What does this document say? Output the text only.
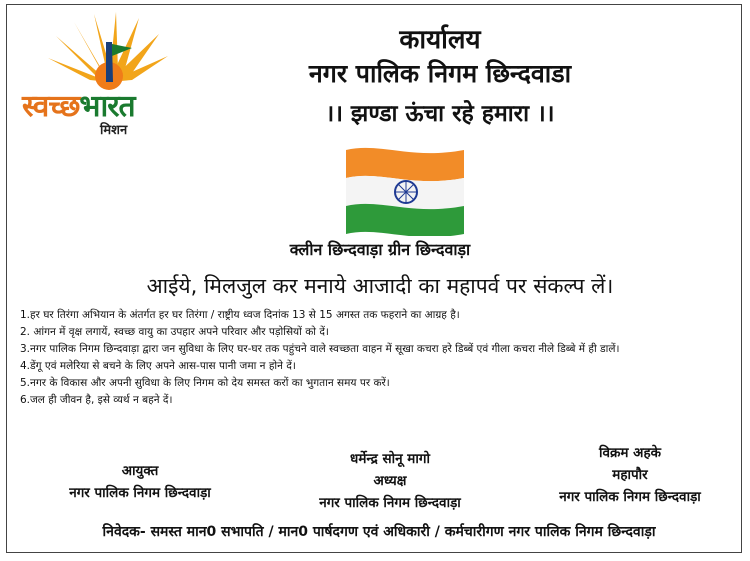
स्वच्छभारत
मिशन
कार्यालय
नगर पालिक निगम छिन्दवाडा
।। झण्डा ऊंचा रहे हमारा ।।
क्लीन छिन्दवाड़ा ग्रीन छिन्दवाड़ा
आईये, मिलजुल कर मनाये आजादी का महापर्व पर संकल्प लें।
1.हर घर तिरंगा अभियान के अंतर्गत हर घर तिरंगा / राष्ट्रीय ध्वज दिनांक 13 से 15 अगस्त तक फहराने का आग्रह है।
2. आंगन में वृक्ष लगायें, स्वच्छ वायु का उपहार अपने परिवार और पड़ोसियों को दें।
3.नगर पालिक निगम छिन्दवाड़ा द्वारा जन सुविधा के लिए घर-घर तक पहुंचने वाले स्वच्छता वाहन में सूखा कचरा हरे डिब्बें एवं गीला कचरा नीले डिब्बे में ही डालें।
4.डेंगू एवं मलेरिया से बचने के लिए अपने आस-पास पानी जमा न होने दें।
5.नगर के विकास और अपनी सुविधा के लिए निगम को देय समस्त करों का भुगतान समय पर करें।
6.जल ही जीवन है, इसे व्यर्थ न बहने दें।
आयुक्त
नगर पालिक निगम छिन्दवाड़ा
धर्मेन्द्र सोनू मागो
अध्यक्ष
नगर पालिक निगम छिन्दवाड़ा
विक्रम अहके
महापौर
नगर पालिक निगम छिन्दवाड़ा
निवेदक- समस्त मान0 सभापति / मान0 पार्षदगण एवं अधिकारी / कर्मचारीगण नगर पालिक निगम छिन्दवाड़ा
